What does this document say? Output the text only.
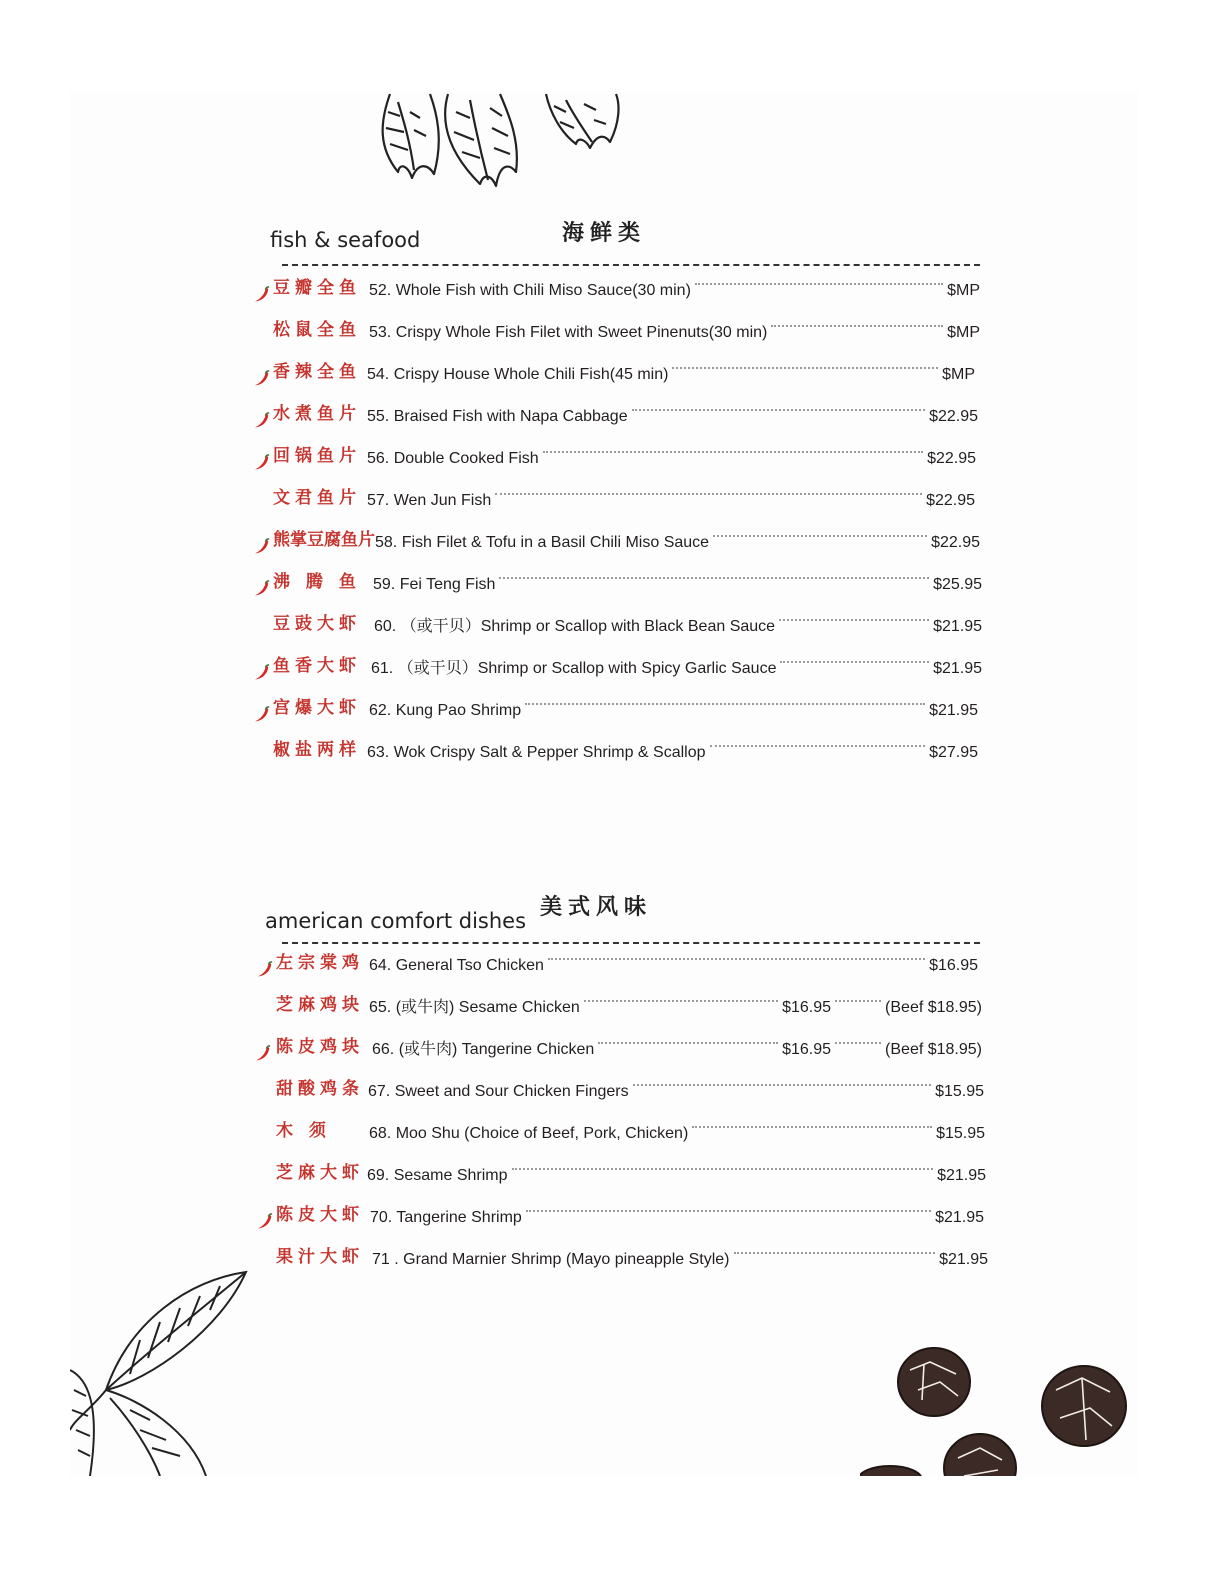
fish & seafood	海鲜类
豆瓣全鱼 52. Whole Fish with Chili Miso Sauce(30 min)	$MP
松鼠全鱼 53. Crispy Whole Fish Filet with Sweet Pinenuts(30 min)	$MP
香辣全鱼 54. Crispy House Whole Chili Fish(45 min)	$MP
水煮鱼片 55. Braised Fish with Napa Cabbage	$22.95
回锅鱼片 56. Double Cooked Fish	$22.95
文君鱼片 57. Wen Jun Fish	$22.95
熊掌豆腐鱼片 58. Fish Filet & Tofu in a Basil Chili Miso Sauce	$22.95
沸 腾 鱼 59. Fei Teng Fish	$25.95
豆豉大虾 60. （或干贝）Shrimp or Scallop with Black Bean Sauce	$21.95
鱼香大虾 61. （或干贝）Shrimp or Scallop with Spicy Garlic Sauce	$21.95
宫爆大虾 62. Kung Pao Shrimp	$21.95
椒盐两样 63. Wok Crispy Salt & Pepper Shrimp & Scallop	$27.95
american comfort dishes
美式风味
左宗棠鸡 64. General Tso Chicken	$16.95
芝麻鸡块 65. (或牛肉) Sesame Chicken	$16.95	(Beef $18.95)
陈皮鸡块 66. (或牛肉) Tangerine Chicken	$16.95	(Beef $18.95)
甜酸鸡条 67. Sweet and Sour Chicken Fingers	$15.95
木 须 68. Moo Shu (Choice of Beef, Pork, Chicken)	$15.95
芝麻大虾 69. Sesame Shrimp	$21.95
陈皮大虾 70. Tangerine Shrimp	$21.95
果汁大虾 71 . Grand Marnier Shrimp (Mayo pineapple Style)	$21.95
